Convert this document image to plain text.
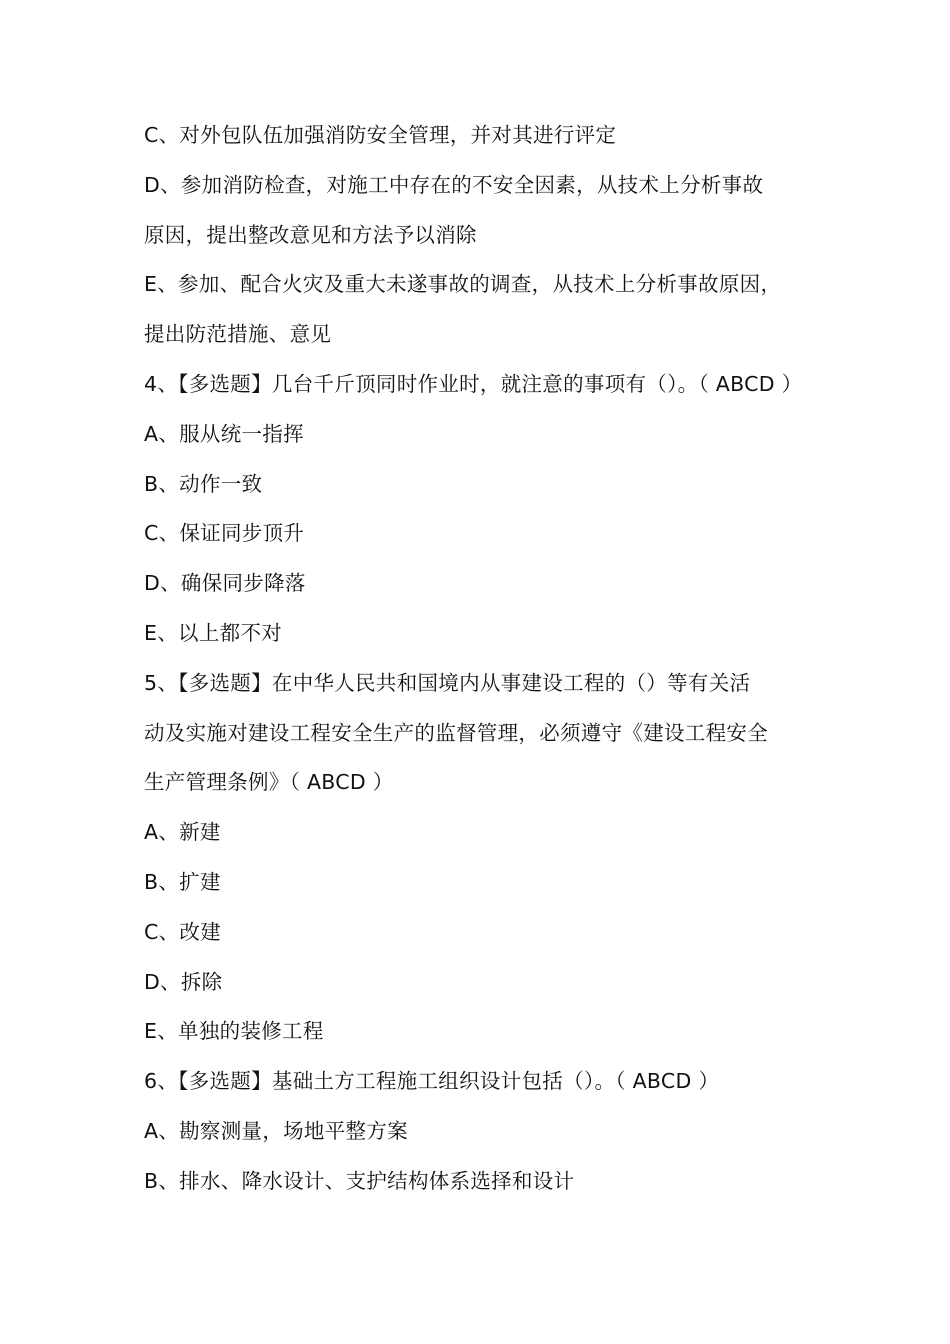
C、对外包队伍加强消防安全管理，并对其进行评定
D、参加消防检查，对施工中存在的不安全因素，从技术上分析事故
原因，提出整改意见和方法予以消除
E、参加、配合火灾及重大未遂事故的调查，从技术上分析事故原因，
提出防范措施、意见
4、【多选题】几台千斤顶同时作业时，就注意的事项有（）。（ ABCD ）
A、服从统一指挥
B、动作一致
C、保证同步顶升
D、确保同步降落
E、以上都不对
5、【多选题】在中华人民共和国境内从事建设工程的（）等有关活
动及实施对建设工程安全生产的监督管理，必须遵守《建设工程安全
生产管理条例》（ ABCD ）
A、新建
B、扩建
C、改建
D、拆除
E、单独的装修工程
6、【多选题】基础土方工程施工组织设计包括（）。（ ABCD ）
A、勘察测量，场地平整方案
B、排水、降水设计、支护结构体系选择和设计
